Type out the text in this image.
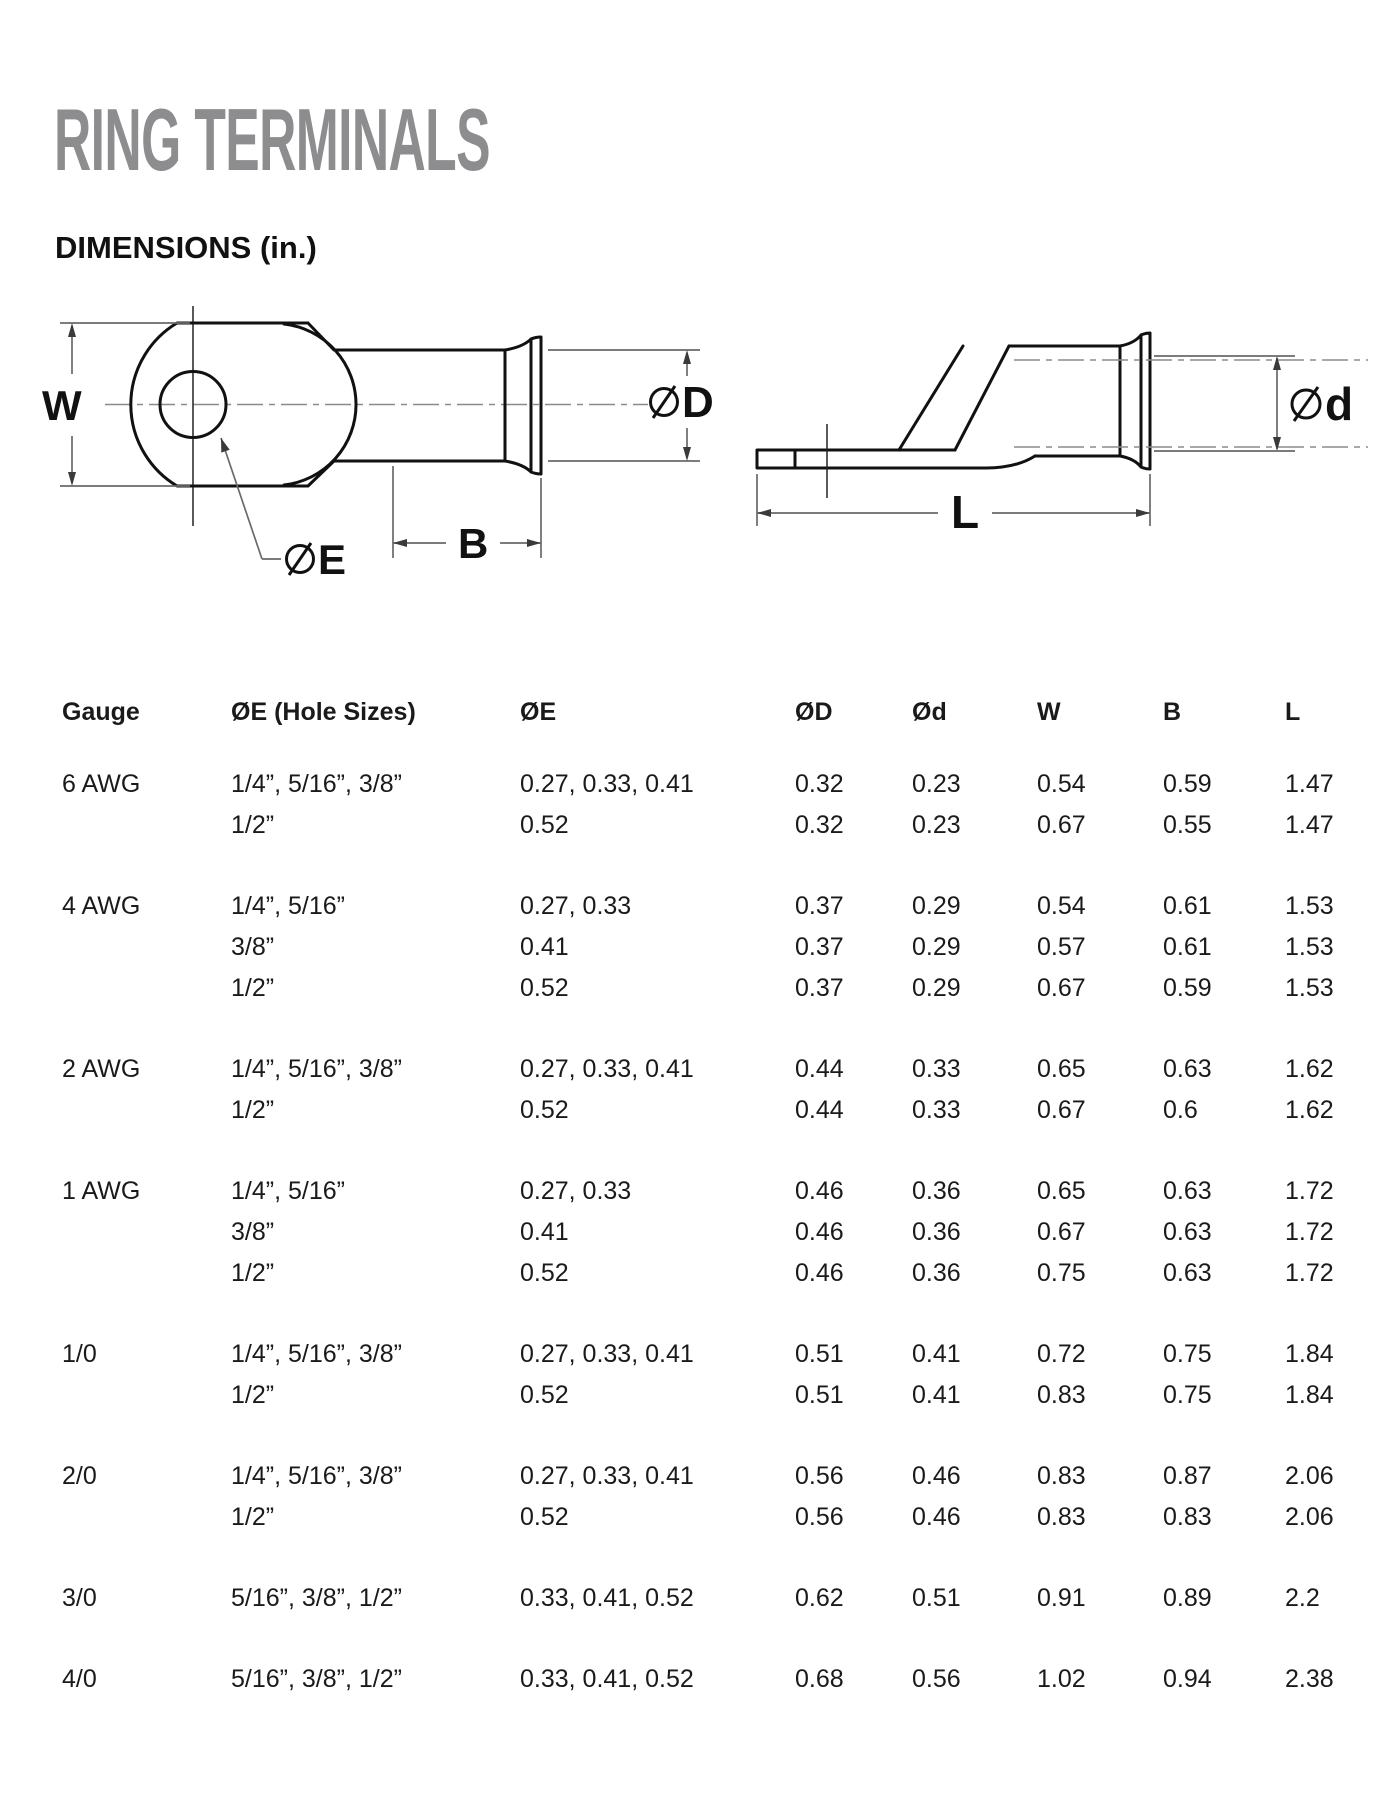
RING TERMINALS
DIMENSIONS (in.)
W
E	B
D	d
L
Gauge	ØE (Hole Sizes)	ØE	ØD	Ød	W	B	L
6 AWG	1/4”, 5/16”, 3/8”	0.27, 0.33, 0.41	0.32	0.23	0.54	0.59	1.47
1/2”	0.52	0.32	0.23	0.67	0.55	1.47
4 AWG	1/4”, 5/16”	0.27, 0.33	0.37	0.29	0.54	0.61	1.53
3/8”	0.41	0.37	0.29	0.57	0.61	1.53
1/2”	0.52	0.37	0.29	0.67	0.59	1.53
2 AWG	1/4”, 5/16”, 3/8”	0.27, 0.33, 0.41	0.44	0.33	0.65	0.63	1.62
1/2”	0.52	0.44	0.33	0.67	0.6	1.62
1 AWG	1/4”, 5/16”	0.27, 0.33	0.46	0.36	0.65	0.63	1.72
3/8”	0.41	0.46	0.36	0.67	0.63	1.72
1/2”	0.52	0.46	0.36	0.75	0.63	1.72
1/0	1/4”, 5/16”, 3/8”	0.27, 0.33, 0.41	0.51	0.41	0.72	0.75	1.84
1/2”	0.52	0.51	0.41	0.83	0.75	1.84
2/0	1/4”, 5/16”, 3/8”	0.27, 0.33, 0.41	0.56	0.46	0.83	0.87	2.06
1/2”	0.52	0.56	0.46	0.83	0.83	2.06
3/0	5/16”, 3/8”, 1/2”	0.33, 0.41, 0.52	0.62	0.51	0.91	0.89	2.2
4/0	5/16”, 3/8”, 1/2”	0.33, 0.41, 0.52	0.68	0.56	1.02	0.94	2.38
